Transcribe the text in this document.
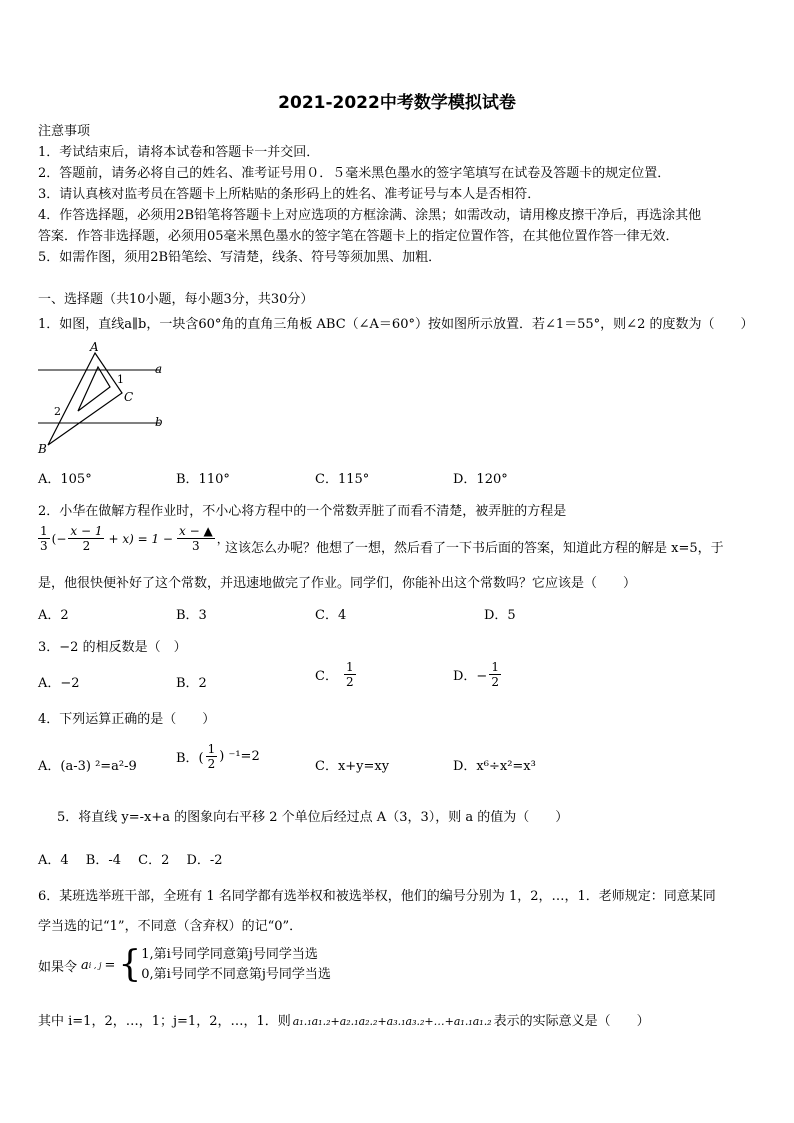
2021-2022中考数学模拟试卷
注意事项
1．考试结束后，请将本试卷和答题卡一并交回．
2．答题前，请务必将自己的姓名、准考证号用０．５毫米黑色墨水的签字笔填写在试卷及答题卡的规定位置．
3．请认真核对监考员在答题卡上所粘贴的条形码上的姓名、准考证号与本人是否相符．
4．作答选择题，必须用2B铅笔将答题卡上对应选项的方框涂满、涂黑；如需改动，请用橡皮擦干净后，再选涂其他
答案．作答非选择题，必须用05毫米黑色墨水的签字笔在答题卡上的指定位置作答，在其他位置作答一律无效．
5．如需作图，须用2B铅笔绘、写清楚，线条、符号等须加黑、加粗．
一、选择题（共10小题，每小题3分，共30分）
1．如图，直线a∥b，一块含60°角的直角三角板 ABC（∠A＝60°）按如图所示放置．若∠1＝55°，则∠2 的度数为（　　）
A
C
B
1
2
a
b
A．105°	B．110°	C．115°	D．120°
2．小华在做解方程作业时，不小心将方程中的一个常数弄脏了而看不清楚，被弄脏的方程是
$\frac{1}{3}$ (− $\frac{x - 1}{2} + x) = 1 - \frac{x - ▲}{3}$ ，
这该怎么办呢？他想了一想，然后看了一下书后面的答案，知道此方程的解是 x=5，于
是，他很快便补好了这个常数，并迅速地做完了作业。同学们，你能补出这个常数吗？它应该是（　　）
A．2	B．3	C．4	D．5
3．−2 的相反数是（　）
A．−2	B．2	C． $\frac{1}{2}$	D．− $\frac{1}{2}$
4．下列运算正确的是（　　）
A．(a-3) ²=a²-9
B．( $\frac{1}{2}$ ) ⁻¹=2
C．x+y=xy	D．x⁶÷x²=x³
5．将直线 y=-x+a 的图象向右平移 2 个单位后经过点 A（3，3），则 a 的值为（　　）
A．4　 B．-4　 C．2　 D．-2
6．某班选举班干部，全班有 1 名同学都有选举权和被选举权，他们的编号分别为 1，2，…，1．老师规定：同意某同
学当选的记“1”，不同意（含弃权）的记“0”．
如果令 a i , j = { 1,第i号同学同意第j号同学当选
0,第i号同学不同意第j号同学当选
其中 i=1，2，…，1；j=1，2，…，1．则 a₁.₁a₁.₂+a₂.₁a₂.₂+a₃.₁a₃.₂+…+a₁.₁a₁.₂ 表示的实际意义是（　　）
